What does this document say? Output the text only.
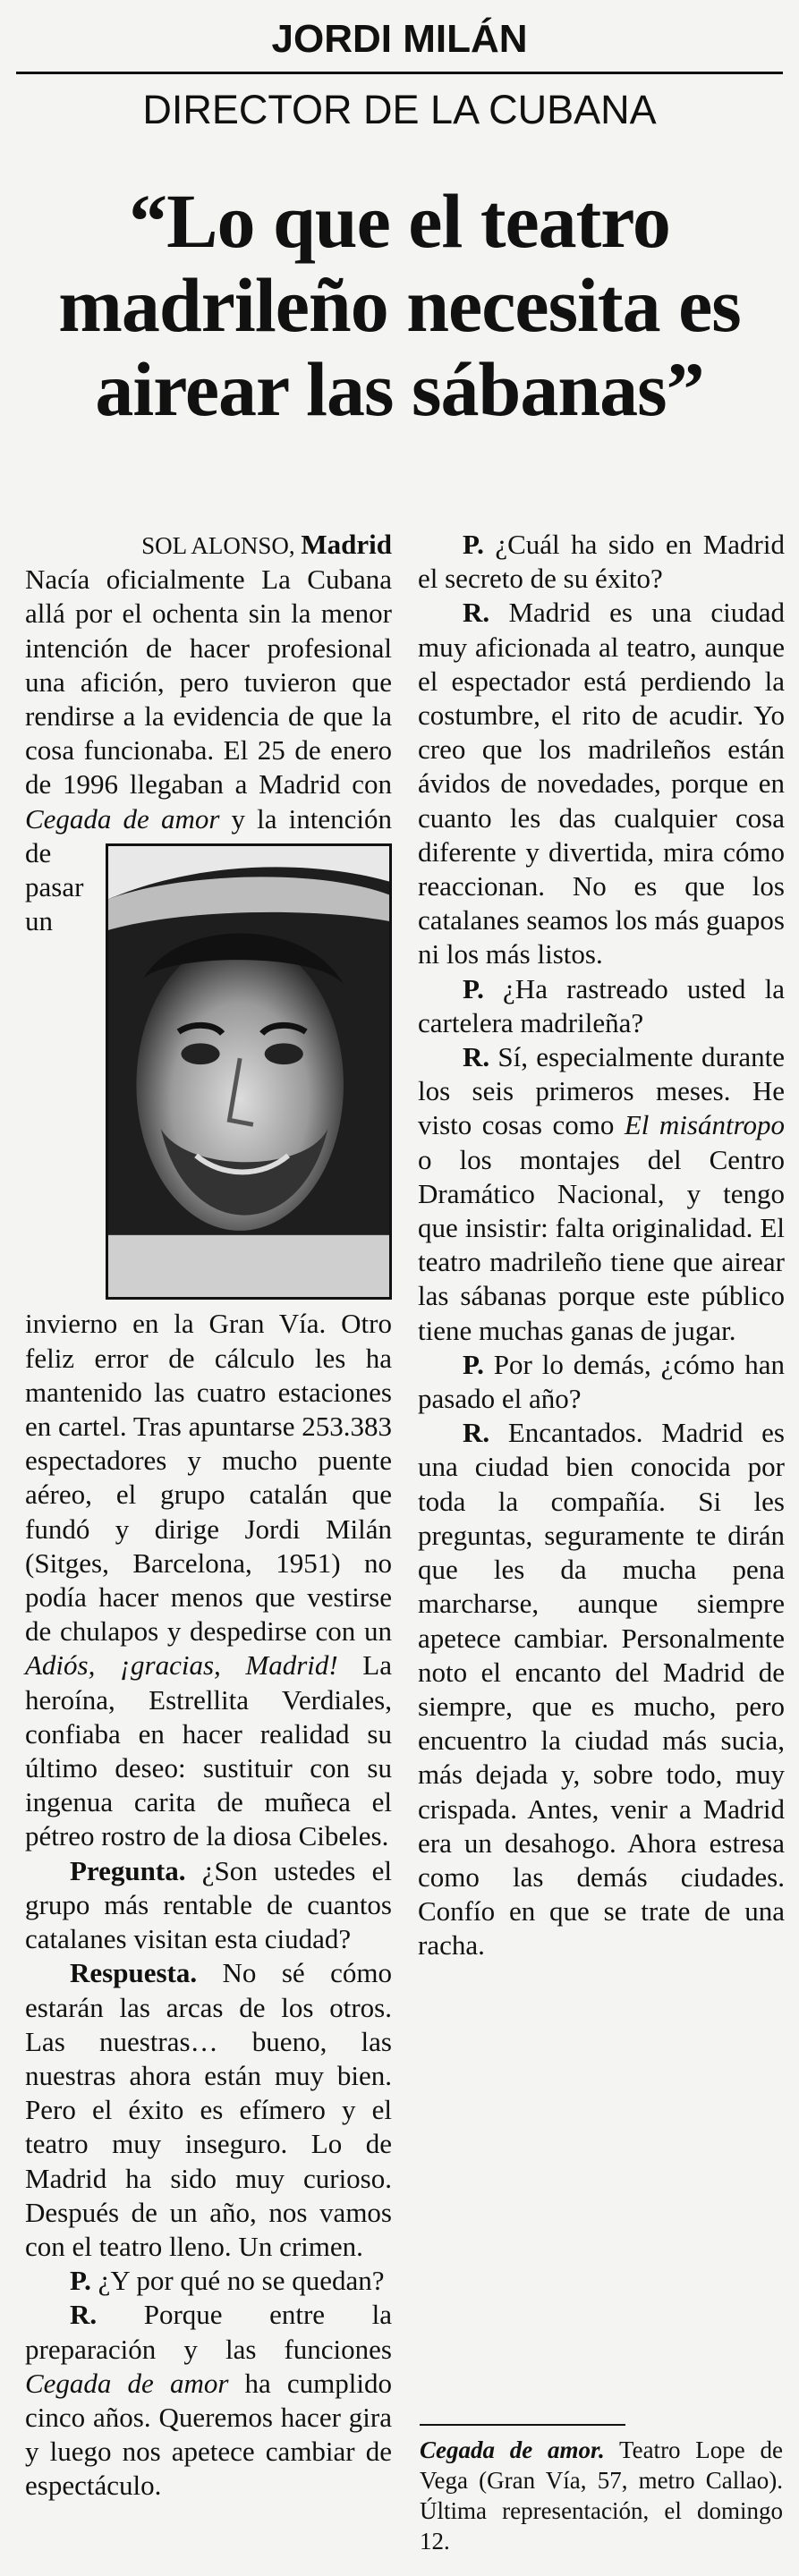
JORDI MILÁN
DIRECTOR DE LA CUBANA
“Lo que el teatro madrileño necesita es airear las sábanas”

SOL ALONSO, Madrid

Nacía oficialmente La Cubana allá por el ochenta sin la menor intención de hacer profesional una afición, pero tuvieron que rendirse a la evidencia de que la cosa funcionaba. El 25 de enero de 1996 llegaban a Madrid con Cegada de amor
y la intención de pasar un invierno en la Gran Vía. Otro feliz error de cálculo les ha mantenido las cuatro estaciones en cartel. Tras apuntarse 253.383 espectadores y mucho puente aéreo, el grupo catalán que fundó y dirige Jordi Milán (Sitges, Barcelona, 1951) no podía hacer menos que vestirse de chulapos y despedirse con un Adiós, ¡gracias, Madrid! La heroína, Estrellita Verdiales, confiaba en hacer realidad su último deseo: sustituir con su ingenua carita de muñeca el pétreo rostro de la diosa Cibeles.

Pregunta. ¿Son ustedes el grupo más rentable de cuantos catalanes visitan esta ciudad?

Respuesta. No sé cómo estarán las arcas de los otros. Las nuestras… bueno, las nuestras ahora están muy bien. Pero el éxito es efímero y el teatro muy inseguro. Lo de Madrid ha sido muy curioso. Después de un año, nos vamos con el teatro lleno. Un crimen.

P. ¿Y por qué no se quedan?

R. Porque entre la preparación y las funciones Cegada de amor ha cumplido cinco años. Queremos hacer gira y luego nos apetece cambiar de espectáculo.

P. ¿Cuál ha sido en Madrid el secreto de su éxito?

R. Madrid es una ciudad muy aficionada al teatro, aunque el espectador está perdiendo la costumbre, el rito de acudir. Yo creo que los madrileños están ávidos de novedades, porque en cuanto les das cualquier cosa diferente y divertida, mira cómo reaccionan. No es que los catalanes seamos los más guapos ni los más listos.

P. ¿Ha rastreado usted la cartelera madrileña?

R. Sí, especialmente durante los seis primeros meses. He visto cosas como El misántropo o los montajes del Centro Dramático Nacional, y tengo que insistir: falta originalidad. El teatro madrileño tiene que airear las sábanas porque este público tiene muchas ganas de jugar.

P. Por lo demás, ¿cómo han pasado el año?

R. Encantados. Madrid es una ciudad bien conocida por toda la compañía. Si les preguntas, seguramente te dirán que les da mucha pena marcharse, aunque siempre apetece cambiar. Personalmente noto el encanto del Madrid de siempre, que es mucho, pero encuentro la ciudad más sucia, más dejada y, sobre todo, muy crispada. Antes, venir a Madrid era un desahogo. Ahora estresa como las demás ciudades. Confío en que se trate de una racha.

Cegada de amor. Teatro Lope de Vega (Gran Vía, 57, metro Callao). Última representación, el domingo 12.
